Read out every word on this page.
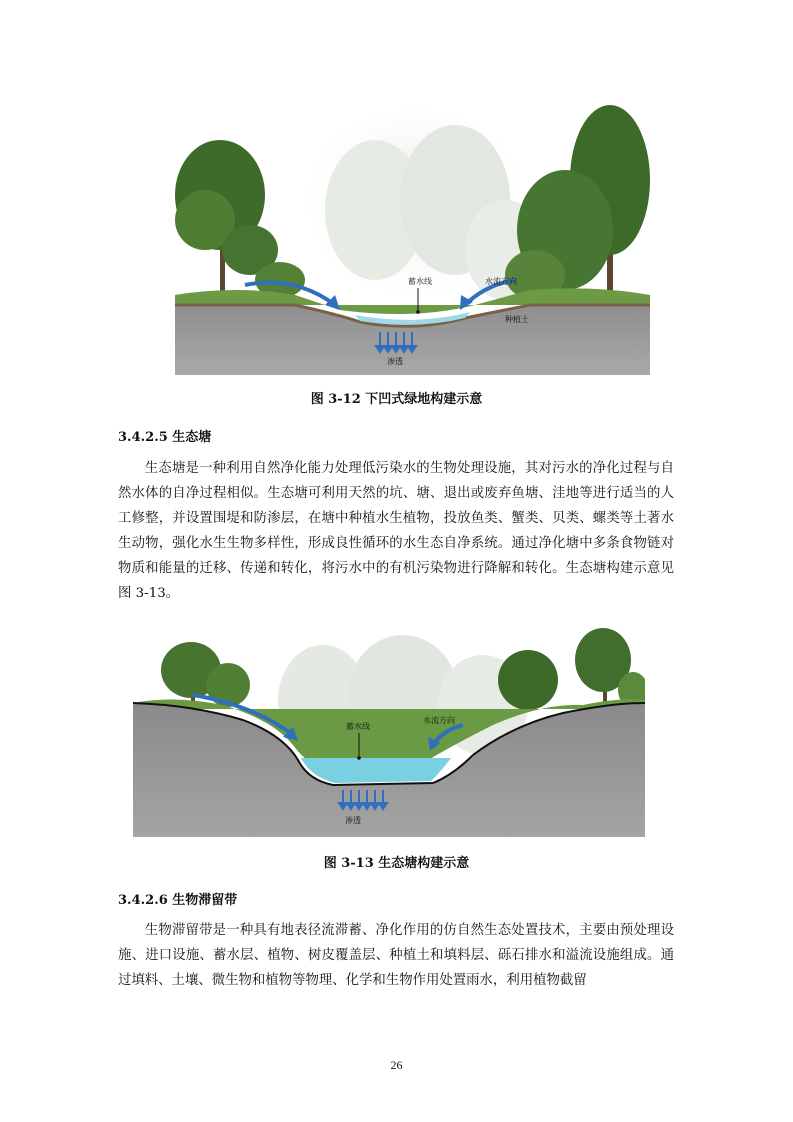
蓄水线	水流方向
种植土
渗透
图 3-12 下凹式绿地构建示意
3.4.2.5 生态塘
生态塘是一种利用自然净化能力处理低污染水的生物处理设施，其对污水的净化过程与自然水体的自净过程相似。生态塘可利用天然的坑、塘、退出或废弃鱼塘、洼地等进行适当的人工修整，并设置围堤和防渗层，在塘中种植水生植物，投放鱼类、蟹类、贝类、螺类等土著水生动物，强化水生生物多样性，形成良性循环的水生态自净系统。通过净化塘中多条食物链对物质和能量的迁移、传递和转化，将污水中的有机污染物进行降解和转化。生态塘构建示意见图 3-13。
蓄水线
水流方向
渗透
图 3-13 生态塘构建示意
3.4.2.6 生物滞留带
生物滞留带是一种具有地表径流滞蓄、净化作用的仿自然生态处置技术，主要由预处理设施、进口设施、蓄水层、植物、树皮覆盖层、种植土和填料层、砾石排水和溢流设施组成。通过填料、土壤、微生物和植物等物理、化学和生物作用处置雨水，利用植物截留
26
